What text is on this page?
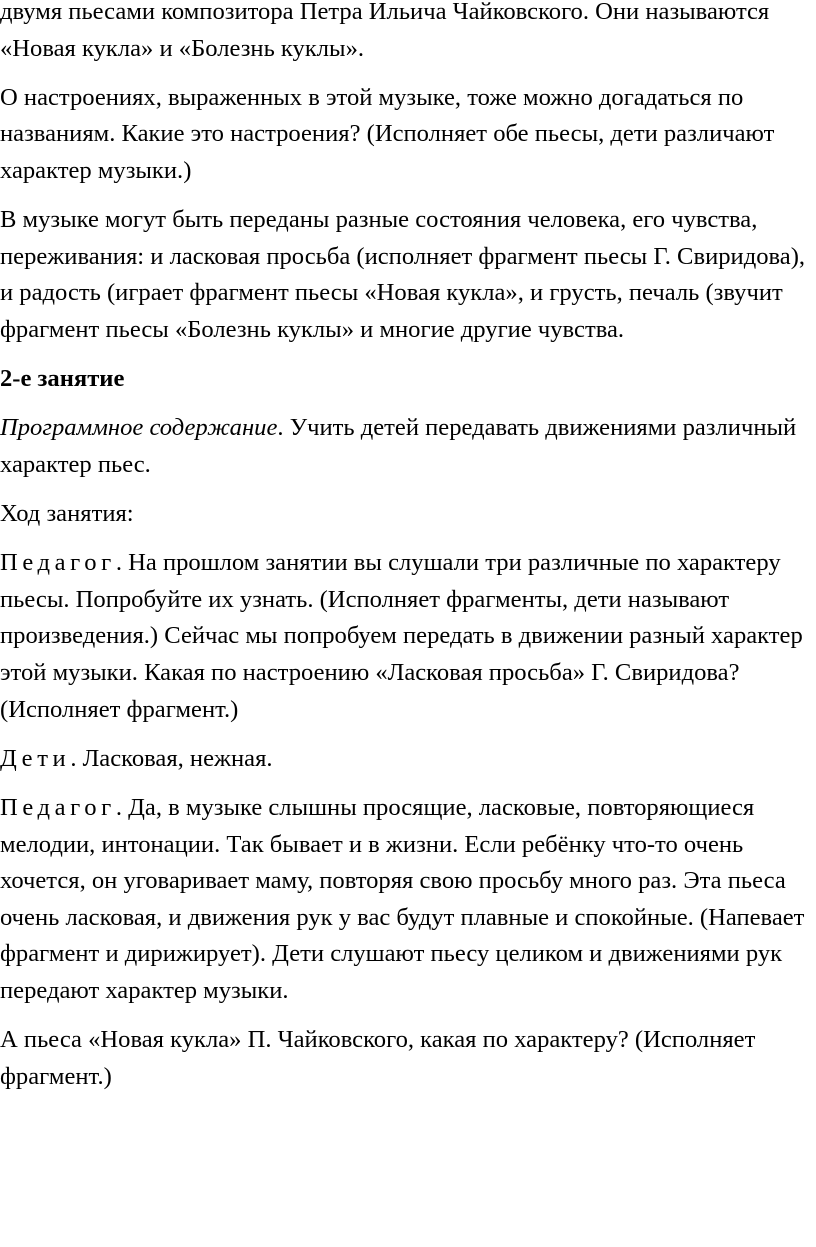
двумя пьесами композитора Петра Ильича Чайковского. Они называются «Новая кукла» и «Болезнь куклы».

О настроениях, выраженных в этой музыке, тоже можно догадаться по названиям. Какие это настроения? (Исполняет обе пьесы, дети различают характер музыки.)

В музыке могут быть переданы разные состояния человека, его чувства, переживания: и ласковая просьба (исполняет фрагмент пьесы Г. Свиридова), и радость (играет фрагмент пьесы «Новая кукла», и грусть, печаль (звучит фрагмент пьесы «Болезнь куклы» и многие другие чувства.

2-е занятие

Программное содержание. Учить детей передавать движениями различный характер пьес.

Ход занятия:

Педагог. На прошлом занятии вы слушали три различные по характеру пьесы. Попробуйте их узнать. (Исполняет фрагменты, дети называют произведения.) Сейчас мы попробуем передать в движении разный характер этой музыки. Какая по настроению «Ласковая просьба» Г. Свиридова? (Исполняет фрагмент.)

Дети. Ласковая, нежная.

Педагог. Да, в музыке слышны просящие, ласковые, повторяющиеся мелодии, интонации. Так бывает и в жизни. Если ребёнку что-то очень хочется, он уговаривает маму, повторяя свою просьбу много раз. Эта пьеса очень ласковая, и движения рук у вас будут плавные и спокойные. (Напевает фрагмент и дирижирует). Дети слушают пьесу целиком и движениями рук передают характер музыки.

А пьеса «Новая кукла» П. Чайковского, какая по характеру? (Исполняет фрагмент.)
